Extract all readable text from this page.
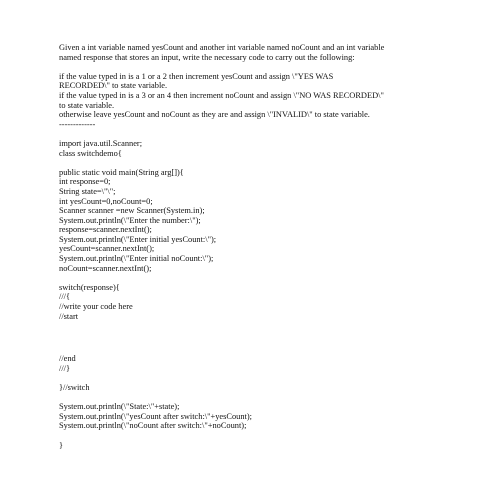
Given a int variable named yesCount and another int variable named noCount and an int variable
named response that stores an input, write the necessary code to carry out the following:
if the value typed in is a 1 or a 2 then increment yesCount and assign \"YES WAS
RECORDED\" to state variable.
if the value typed in is a 3 or an 4 then increment noCount and assign \"NO WAS RECORDED\"
to state variable.
otherwise leave yesCount and noCount as they are and assign \"INVALID\" to state variable.
-------------
import java.util.Scanner;
class switchdemo{
public static void main(String arg[]){
int response=0;
String state=\"\";
int yesCount=0,noCount=0;
Scanner scanner =new Scanner(System.in);
System.out.println(\"Enter the number:\");
response=scanner.nextInt();
System.out.println(\"Enter initial yesCount:\");
yesCount=scanner.nextInt();
System.out.println(\"Enter initial noCount:\");
noCount=scanner.nextInt();
switch(response){
///{
//write your code here
//start
//end
///}
}//switch
System.out.println(\"State:\"+state);
System.out.println(\"yesCount after switch:\"+yesCount);
System.out.println(\"noCount after switch:\"+noCount);
}
